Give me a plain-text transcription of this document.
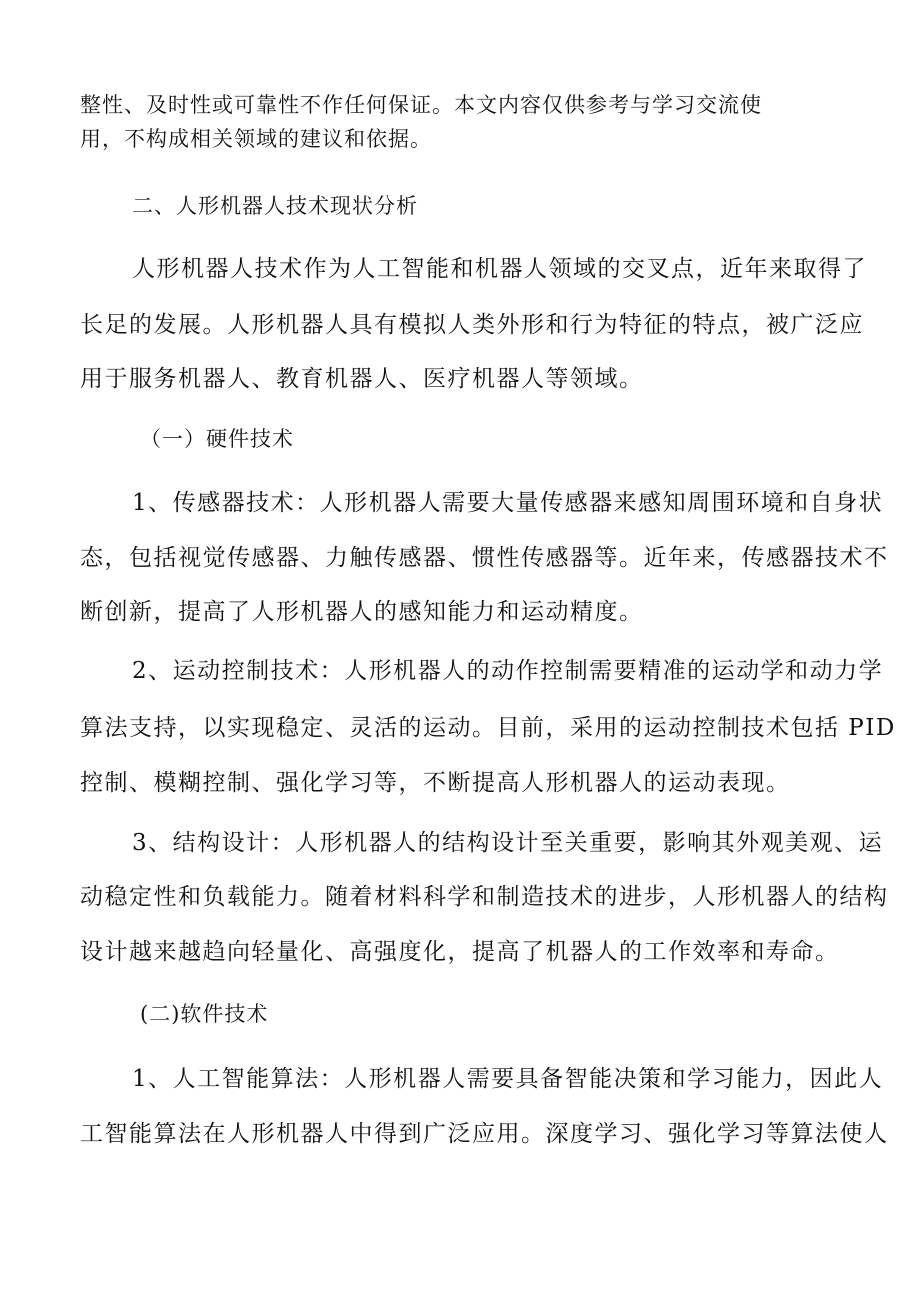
整性、及时性或可靠性不作任何保证。本文内容仅供参考与学习交流使
用，不构成相关领域的建议和依据。
二、人形机器人技术现状分析
人形机器人技术作为人工智能和机器人领域的交叉点，近年来取得了
长足的发展。人形机器人具有模拟人类外形和行为特征的特点，被广泛应
用于服务机器人、教育机器人、医疗机器人等领域。
（一）硬件技术
1、传感器技术：人形机器人需要大量传感器来感知周围环境和自身状
态，包括视觉传感器、力触传感器、惯性传感器等。近年来，传感器技术不
断创新，提高了人形机器人的感知能力和运动精度。
2、运动控制技术：人形机器人的动作控制需要精准的运动学和动力学
算法支持，以实现稳定、灵活的运动。目前，采用的运动控制技术包括 PID
控制、模糊控制、强化学习等，不断提高人形机器人的运动表现。
3、结构设计：人形机器人的结构设计至关重要，影响其外观美观、运
动稳定性和负载能力。随着材料科学和制造技术的进步，人形机器人的结构
设计越来越趋向轻量化、高强度化，提高了机器人的工作效率和寿命。
(二)软件技术
1、人工智能算法：人形机器人需要具备智能决策和学习能力，因此人
工智能算法在人形机器人中得到广泛应用。深度学习、强化学习等算法使人
